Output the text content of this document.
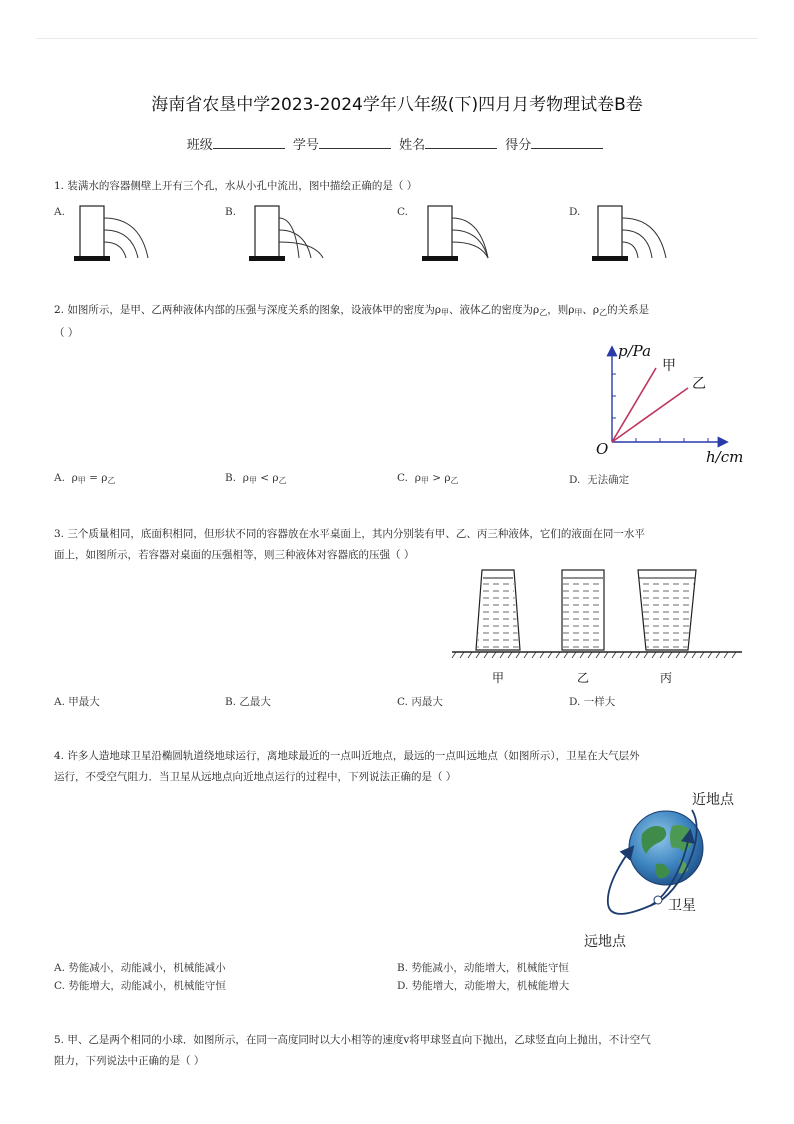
海南省农垦中学2023-2024学年八年级(下)四月月考物理试卷B卷
班级	学号	姓名	得分
1. 装满水的容器侧壁上开有三个孔，水从小孔中流出，图中描绘正确的是（ ）
A.	B.	C.	D.
2. 如图所示，是甲、乙两种液体内部的压强与深度关系的图象，设液体甲的密度为$\rho_甲$、液体乙的密度为$\rho_乙$，则$\rho_甲$、$\rho_乙$的关系是
（ ）
p/Pa
h/cm
O
甲
乙
A. $\rho_甲 = \rho_乙$	B. $\rho_甲 < \rho_乙$	C. $\rho_甲 > \rho_乙$	D. 无法确定
3. 三个质量相同，底面积相同，但形状不同的容器放在水平桌面上，其内分别装有甲、乙、丙三种液体，它们的液面在同一水平
面上，如图所示，若容器对桌面的压强相等，则三种液体对容器底的压强（ ）
甲	乙	丙
A. 甲最大	B. 乙最大	C. 丙最大	D. 一样大
4. 许多人造地球卫星沿椭圆轨道绕地球运行，离地球最近的一点叫近地点，最远的一点叫远地点（如图所示），卫星在大气层外
运行，不受空气阻力．当卫星从远地点向近地点运行的过程中，下列说法正确的是（ ）
近地点
卫星
远地点
A. 势能减小，动能减小，机械能减小	B. 势能减小，动能增大，机械能守恒
C. 势能增大，动能减小，机械能守恒	D. 势能增大，动能增大，机械能增大
5. 甲、乙是两个相同的小球．如图所示，在同一高度同时以大小相等的速度v将甲球竖直向下抛出，乙球竖直向上抛出，不计空气
阻力，下列说法中正确的是（ ）
